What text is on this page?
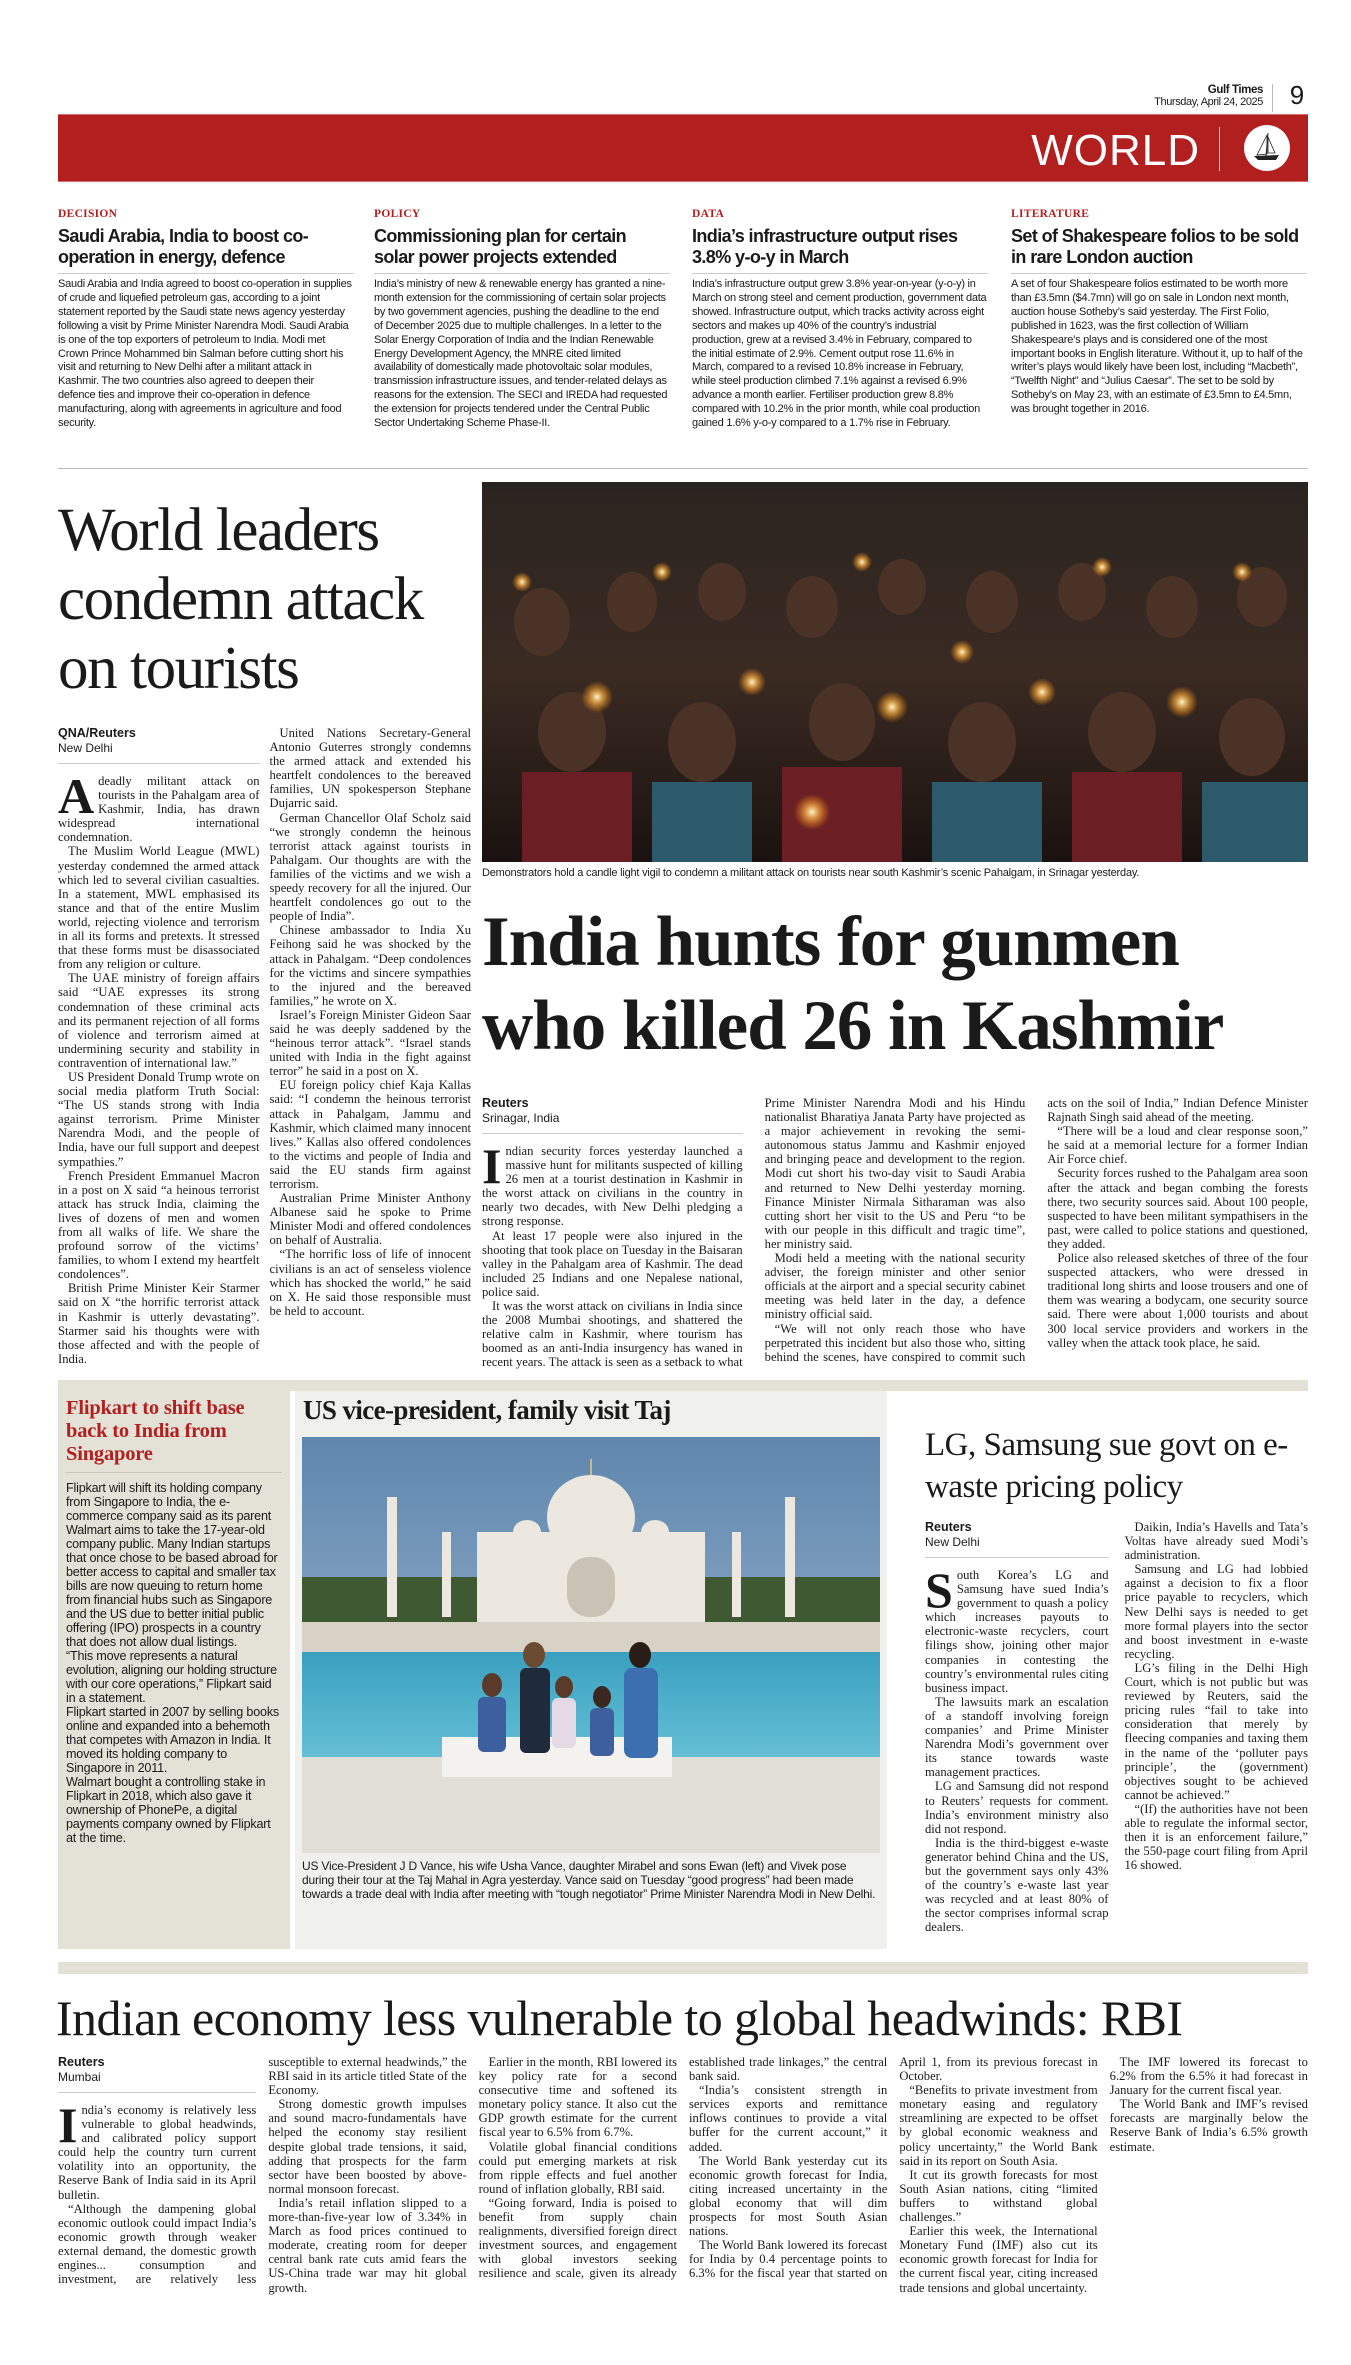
Gulf Times
Thursday, April 24, 2025 9
WORLD
DECISION
Saudi Arabia, India to boost co-operation in energy, defence
Saudi Arabia and India agreed to boost co-operation in supplies of crude and liquefied petroleum gas, according to a joint statement reported by the Saudi state news agency yesterday following a visit by Prime Minister Narendra Modi. Saudi Arabia is one of the top exporters of petroleum to India. Modi met Crown Prince Mohammed bin Salman before cutting short his visit and returning to New Delhi after a militant attack in Kashmir. The two countries also agreed to deepen their defence ties and improve their co-operation in defence manufacturing, along with agreements in agriculture and food security.
POLICY
Commissioning plan for certain solar power projects extended
India’s ministry of new & renewable energy has granted a nine-month extension for the commissioning of certain solar projects by two government agencies, pushing the deadline to the end of December 2025 due to multiple challenges. In a letter to the Solar Energy Corporation of India and the Indian Renewable Energy Development Agency, the MNRE cited limited availability of domestically made photovoltaic solar modules, transmission infrastructure issues, and tender-related delays as reasons for the extension. The SECI and IREDA had requested the extension for projects tendered under the Central Public Sector Undertaking Scheme Phase-II.
DATA
India’s infrastructure output rises 3.8% y-o-y in March
India’s infrastructure output grew 3.8% year-on-year (y-o-y) in March on strong steel and cement production, government data showed. Infrastructure output, which tracks activity across eight sectors and makes up 40% of the country’s industrial production, grew at a revised 3.4% in February, compared to the initial estimate of 2.9%. Cement output rose 11.6% in March, compared to a revised 10.8% increase in February, while steel production climbed 7.1% against a revised 6.9% advance a month earlier. Fertiliser production grew 8.8% compared with 10.2% in the prior month, while coal production gained 1.6% y-o-y compared to a 1.7% rise in February.
LITERATURE
Set of Shakespeare folios to be sold in rare London auction
A set of four Shakespeare folios estimated to be worth more than £3.5mn ($4.7mn) will go on sale in London next month, auction house Sotheby’s said yesterday. The First Folio, published in 1623, was the first collection of William Shakespeare’s plays and is considered one of the most important books in English literature. Without it, up to half of the writer’s plays would likely have been lost, including “Macbeth”, “Twelfth Night” and “Julius Caesar”. The set to be sold by Sotheby’s on May 23, with an estimate of £3.5mn to £4.5mn, was brought together in 2016.
World leaders condemn attack on tourists
QNA/Reuters
New Delhi

Adeadly militant attack on tourists in the Pahalgam area of Kashmir, India, has drawn widespread international condemnation.

The Muslim World League (MWL) yesterday condemned the armed attack which led to several civilian casualties. In a statement, MWL emphasised its stance and that of the entire Muslim world, rejecting violence and terrorism in all its forms and pretexts. It stressed that these forms must be disassociated from any religion or culture.

The UAE ministry of foreign affairs said “UAE expresses its strong condemnation of these criminal acts and its permanent rejection of all forms of violence and terrorism aimed at undermining security and stability in contravention of international law.”

US President Donald Trump wrote on social media platform Truth Social: “The US stands strong with India against terrorism. Prime Minister Narendra Modi, and the people of India, have our full support and deepest sympathies.”

French President Emmanuel Macron in a post on X said “a heinous terrorist attack has struck India, claiming the lives of dozens of men and women from all walks of life. We share the profound sorrow of the victims’ families, to whom I extend my heartfelt condolences”.

British Prime Minister Keir Starmer said on X “the horrific terrorist attack in Kashmir is utterly devastating”. Starmer said his thoughts were with those affected and with the people of India.

United Nations Secretary-General Antonio Guterres strongly condemns the armed attack and extended his heartfelt condolences to the bereaved families, UN spokesperson Stephane Dujarric said.

German Chancellor Olaf Scholz said “we strongly condemn the heinous terrorist attack against tourists in Pahalgam. Our thoughts are with the families of the victims and we wish a speedy recovery for all the injured. Our heartfelt condolences go out to the people of India”.

Chinese ambassador to India Xu Feihong said he was shocked by the attack in Pahalgam. “Deep condolences for the victims and sincere sympathies to the injured and the bereaved families,” he wrote on X.

Israel’s Foreign Minister Gideon Saar said he was deeply saddened by the “heinous terror attack”. “Israel stands united with India in the fight against terror” he said in a post on X.

EU foreign policy chief Kaja Kallas said: “I condemn the heinous terrorist attack in Pahalgam, Jammu and Kashmir, which claimed many innocent lives.” Kallas also offered condolences to the victims and people of India and said the EU stands firm against terrorism.

Australian Prime Minister Anthony Albanese said he spoke to Prime Minister Modi and offered condolences on behalf of Australia.

“The horrific loss of life of innocent civilians is an act of senseless violence which has shocked the world,” he said on X. He said those responsible must be held to account.

Demonstrators hold a candle light vigil to condemn a militant attack on tourists near south Kashmir’s scenic Pahalgam, in Srinagar yesterday.
India hunts for gunmen who killed 26 in Kashmir
Reuters
Srinagar, India

Indian security forces yesterday launched a massive hunt for militants suspected of killing 26 men at a tourist destination in Kashmir in the worst attack on civilians in the country in nearly two decades, with New Delhi pledging a strong response.

At least 17 people were also injured in the shooting that took place on Tuesday in the Baisaran valley in the Pahalgam area of Kashmir. The dead included 25 Indians and one Nepalese national, police said.

It was the worst attack on civilians in India since the 2008 Mumbai shootings, and shattered the relative calm in Kashmir, where tourism has boomed as an anti-India insurgency has waned in recent years. The attack is seen as a setback to what Prime Minister Narendra Modi and his Hindu nationalist Bharatiya Janata Party have projected as a major achievement in revoking the semi-autonomous status Jammu and Kashmir enjoyed and bringing peace and development to the region. Modi cut short his two-day visit to Saudi Arabia and returned to New Delhi yesterday morning. Finance Minister Nirmala Sitharaman was also cutting short her visit to the US and Peru “to be with our people in this difficult and tragic time”, her ministry said.

Modi held a meeting with the national security adviser, the foreign minister and other senior officials at the airport and a special security cabinet meeting was held later in the day, a defence ministry official said.

“We will not only reach those who have perpetrated this incident but also those who, sitting behind the scenes, have conspired to commit such acts on the soil of India,” Indian Defence Minister Rajnath Singh said ahead of the meeting.

“There will be a loud and clear response soon,” he said at a memorial lecture for a former Indian Air Force chief.

Security forces rushed to the Pahalgam area soon after the attack and began combing the forests there, two security sources said. About 100 people, suspected to have been militant sympathisers in the past, were called to police stations and questioned, they added.

Police also released sketches of three of the four suspected attackers, who were dressed in traditional long shirts and loose trousers and one of them was wearing a bodycam, one security source said. There were about 1,000 tourists and about 300 local service providers and workers in the valley when the attack took place, he said.

Flipkart to shift base back to India from Singapore

Flipkart will shift its holding company from Singapore to India, the e-commerce company said as its parent Walmart aims to take the 17-year-old company public. Many Indian startups that once chose to be based abroad for better access to capital and smaller tax bills are now queuing to return home from financial hubs such as Singapore and the US due to better initial public offering (IPO) prospects in a country that does not allow dual listings.

“This move represents a natural evolution, aligning our holding structure with our core operations,” Flipkart said in a statement.

Flipkart started in 2007 by selling books online and expanded into a behemoth that competes with Amazon in India. It moved its holding company to Singapore in 2011.

Walmart bought a controlling stake in Flipkart in 2018, which also gave it ownership of PhonePe, a digital payments company owned by Flipkart at the time.

US vice-president, family visit Taj
US Vice-President J D Vance, his wife Usha Vance, daughter Mirabel and sons Ewan (left) and Vivek pose during their tour at the Taj Mahal in Agra yesterday. Vance said on Tuesday “good progress” had been made towards a trade deal with India after meeting with “tough negotiator” Prime Minister Narendra Modi in New Delhi.
LG, Samsung sue govt on e-waste pricing policy
Reuters
New Delhi

South Korea’s LG and Samsung have sued India’s government to quash a policy which increases payouts to electronic-waste recyclers, court filings show, joining other major companies in contesting the country’s environmental rules citing business impact.

The lawsuits mark an escalation of a standoff involving foreign companies’ and Prime Minister Narendra Modi’s government over its stance towards waste management practices.

LG and Samsung did not respond to Reuters’ requests for comment. India’s environment ministry also did not respond.

India is the third-biggest e-waste generator behind China and the US, but the government says only 43% of the country’s e-waste last year was recycled and at least 80% of the sector comprises informal scrap dealers.

Daikin, India’s Havells and Tata’s Voltas have already sued Modi’s administration.

Samsung and LG had lobbied against a decision to fix a floor price payable to recyclers, which New Delhi says is needed to get more formal players into the sector and boost investment in e-waste recycling.

LG’s filing in the Delhi High Court, which is not public but was reviewed by Reuters, said the pricing rules “fail to take into consideration that merely by fleecing companies and taxing them in the name of the ‘polluter pays principle’, the (government) objectives sought to be achieved cannot be achieved.”

“(If) the authorities have not been able to regulate the informal sector, then it is an enforcement failure,” the 550-page court filing from April 16 showed.

Indian economy less vulnerable to global headwinds: RBI
Reuters
Mumbai

India’s economy is relatively less vulnerable to global headwinds, and calibrated policy support could help the country turn current volatility into an opportunity, the Reserve Bank of India said in its April bulletin.

“Although the dampening global economic outlook could impact India’s economic growth through weaker external demand, the domestic growth engines... consumption and investment, are relatively less susceptible to external headwinds,” the RBI said in its article titled State of the Economy.

Strong domestic growth impulses and sound macro-fundamentals have helped the economy stay resilient despite global trade tensions, it said, adding that prospects for the farm sector have been boosted by above-normal monsoon forecast.

India’s retail inflation slipped to a more-than-five-year low of 3.34% in March as food prices continued to moderate, creating room for deeper central bank rate cuts amid fears the US-China trade war may hit global growth.

Earlier in the month, RBI lowered its key policy rate for a second consecutive time and softened its monetary policy stance. It also cut the GDP growth estimate for the current fiscal year to 6.5% from 6.7%.

Volatile global financial conditions could put emerging markets at risk from ripple effects and fuel another round of inflation globally, RBI said.

“Going forward, India is poised to benefit from supply chain realignments, diversified foreign direct investment sources, and engagement with global investors seeking resilience and scale, given its already established trade linkages,” the central bank said.

“India’s consistent strength in services exports and remittance inflows continues to provide a vital buffer for the current account,” it added.

The World Bank yesterday cut its economic growth forecast for India, citing increased uncertainty in the global economy that will dim prospects for most South Asian nations.

The World Bank lowered its forecast for India by 0.4 percentage points to 6.3% for the fiscal year that started on April 1, from its previous forecast in October.

“Benefits to private investment from monetary easing and regulatory streamlining are expected to be offset by global economic weakness and policy uncertainty,” the World Bank said in its report on South Asia.

It cut its growth forecasts for most South Asian nations, citing “limited buffers to withstand global challenges.”

Earlier this week, the International Monetary Fund (IMF) also cut its economic growth forecast for India for the current fiscal year, citing increased trade tensions and global uncertainty.

The IMF lowered its forecast to 6.2% from the 6.5% it had forecast in January for the current fiscal year.

The World Bank and IMF’s revised forecasts are marginally below the Reserve Bank of India’s 6.5% growth estimate.
